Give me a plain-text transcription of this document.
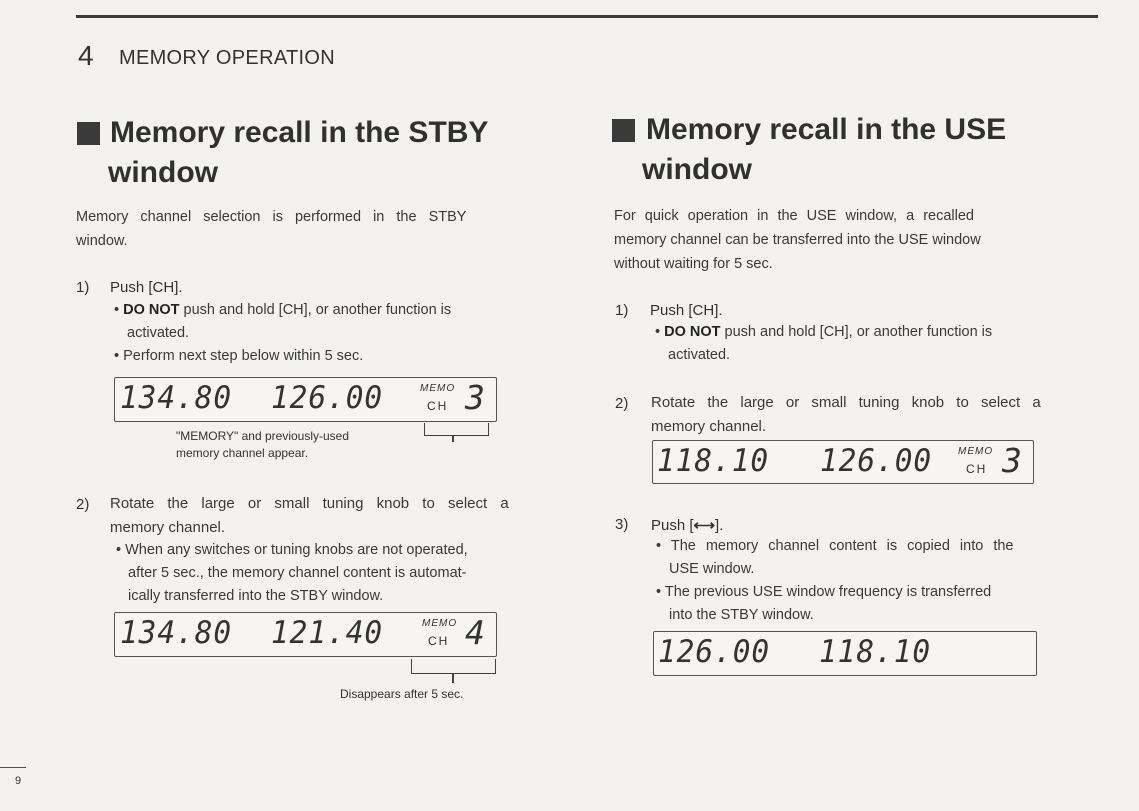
4 MEMORY OPERATION
Memory recall in the STBY
window
Memory channel selection is performed in the STBY
window.
1) Push [CH].
• DO NOT push and hold [CH], or another function is
activated.
• Perform next step below within 5 sec.
134.80 126.00	MEMO
CH 3
"MEMORY" and previously-used
memory channel appear.
2) Rotate the large or small tuning knob to select a
memory channel.
• When any switches or tuning knobs are not operated,
after 5 sec., the memory channel content is automat-
ically transferred into the STBY window.
134.80 121.40	MEMO
CH 4
Disappears after 5 sec.
Memory recall in the USE
window
For quick operation in the USE window, a recalled
memory channel can be transferred into the USE window
without waiting for 5 sec.
1) Push [CH].
• DO NOT push and hold [CH], or another function is
activated.
2) Rotate the large or small tuning knob to select a
memory channel.
118.10 126.00	MEMO
CH 3
3) Push [⟷].
• The memory channel content is copied into the
USE window.
• The previous USE window frequency is transferred
into the STBY window.
126.00 118.10
9
